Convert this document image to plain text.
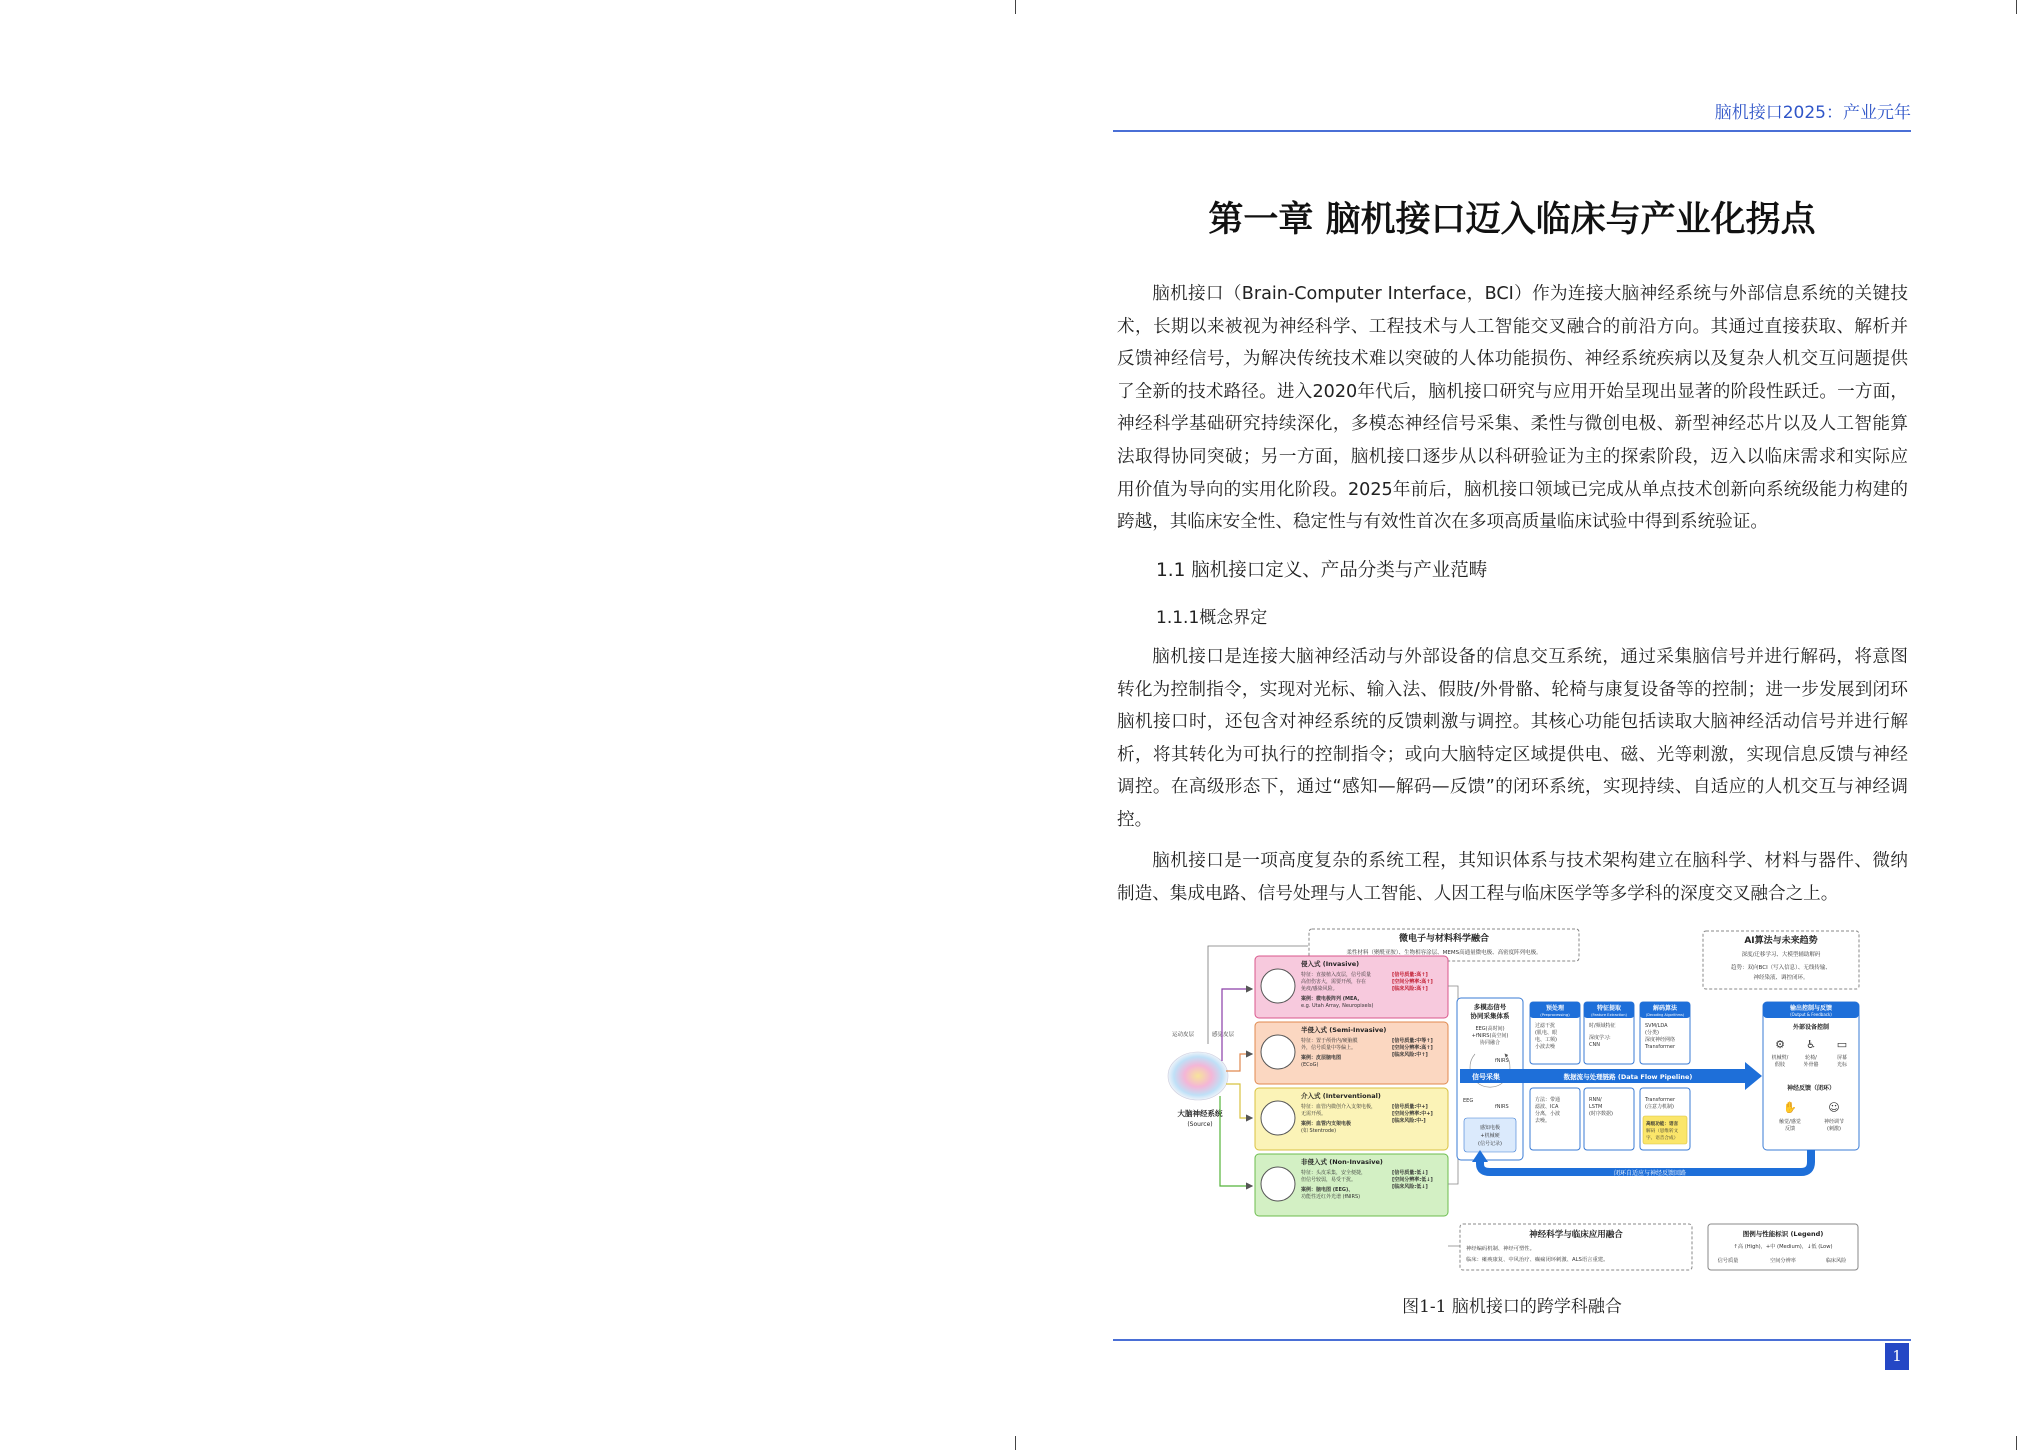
脑机接口2025：产业元年
第一章 脑机接口迈入临床与产业化拐点

脑机接口（Brain-Computer Interface，BCI）作为连接大脑神经系统与外部信息系统的关键技术，长期以来被视为神经科学、工程技术与人工智能交叉融合的前沿方向。其通过直接获取、解析并反馈神经信号，为解决传统技术难以突破的人体功能损伤、神经系统疾病以及复杂人机交互问题提供了全新的技术路径。进入2020年代后，脑机接口研究与应用开始呈现出显著的阶段性跃迁。一方面，神经科学基础研究持续深化，多模态神经信号采集、柔性与微创电极、新型神经芯片以及人工智能算法取得协同突破；另一方面，脑机接口逐步从以科研验证为主的探索阶段，迈入以临床需求和实际应用价值为导向的实用化阶段。2025年前后，脑机接口领域已完成从单点技术创新向系统级能力构建的跨越，其临床安全性、稳定性与有效性首次在多项高质量临床试验中得到系统验证。

1.1 脑机接口定义、产品分类与产业范畴
1.1.1概念界定

脑机接口是连接大脑神经活动与外部设备的信息交互系统，通过采集脑信号并进行解码，将意图转化为控制指令，实现对光标、输入法、假肢/外骨骼、轮椅与康复设备等的控制；进一步发展到闭环脑机接口时，还包含对神经系统的反馈刺激与调控。其核心功能包括读取大脑神经活动信号并进行解析，将其转化为可执行的控制指令；或向大脑特定区域提供电、磁、光等刺激，实现信息反馈与神经调控。在高级形态下，通过“感知—解码—反馈”的闭环系统，实现持续、自适应的人机交互与神经调控。

脑机接口是一项高度复杂的系统工程，其知识体系与技术架构建立在脑科学、材料与器件、微纳制造、集成电路、信号处理与人工智能、人因工程与临床医学等多学科的深度交叉融合之上。

微电子与材料科学融合
柔性材料（聚酰亚胺）、生物相容涂层、MEMS高通量微电极、高密度阵列电极。
AI算法与未来趋势
深度/迁移学习、大模型辅助解码
趋势：双向BCI（写入信息）、无线传输、
神经染液、调控闭环。
运动皮层	感觉皮层
大脑神经系统
(Source)
侵入式 (Invasive)
特征：直接植入皮层，信号质量
高但伤害大，需要开颅，存在
免疫/感染风险。
案例：微电极阵列 (MEA,
e.g. Utah Array, Neuropixels)
[信号质量:高↑]
[空间分辨率:高↑]
[临床风险:高↑]
半侵入式 (Semi-Invasive)
特征：置于颅骨内/硬脑膜
外，信号质量中等偏上。
案例：皮层脑电图
(ECoG)
[信号质量:中等↑]
[空间分辨率:高↑]
[临床风险:中↑]
介入式 (Interventional)
特征：血管内微创介入支架电极，
无需开颅。
案例：血管内支架电极
(如 Stentrode)
[信号质量:中+]
[空间分辨率:中+]
[临床风险:中-]
非侵入式 (Non-Invasive)
特征：头皮采集，安全便捷，
但信号较弱，易受干扰。
案例：脑电图 (EEG)、
功能性近红外光谱 (fNIRS)
[信号质量:低↓]
[空间分辨率:低↓]
[临床风险:低↓]
多模态信号
协同采集体系
EEG(高时间)
+fNIRS(高空间)
协同融合
fNIRS
EEG
fNIRS
感知电极
+机械硬
(信号记录)
信号采集	数据流与处理链路 (Data Flow Pipeline)
预处理
(Preprocessing)
过滤干扰
(肌电、眼
电、工频)
小波去噪
特征提取
(Feature Extraction)
时/频域特征
深度学习:
CNN
解码算法
(Decoding Algorithms)
SVM/LDA
(分类)
深度神经网络
Transformer
方法：带通
滤波、ICA
分离，小波
去噪。
RNN/
LSTM
(时序数据)
Transformer
(注意力机制)
高级功能：语言
解码（思维转文
字、语音合成）
输出控制与反馈
(Output & Feedback)
外部设备控制
⚙ ♿ ▭
机械臂/
假肢
轮椅/
外骨骼
屏幕
光标
神经反馈（闭环）
✋	☺
触觉/感觉
反馈
神经调节
(刺激)
闭环自适应与神经反馈回路
神经科学与临床应用融合
神经编码机制、神经可塑性。
临床：瘫痪康复、中风治疗、癫痫闭环刺激、ALS语言重建。
图例与性能标识 (Legend)
↑高 (High)，+中 (Medium)，↓低 (Low)
信号质量	空间分辨率	临床风险
图1-1 脑机接口的跨学科融合
1
